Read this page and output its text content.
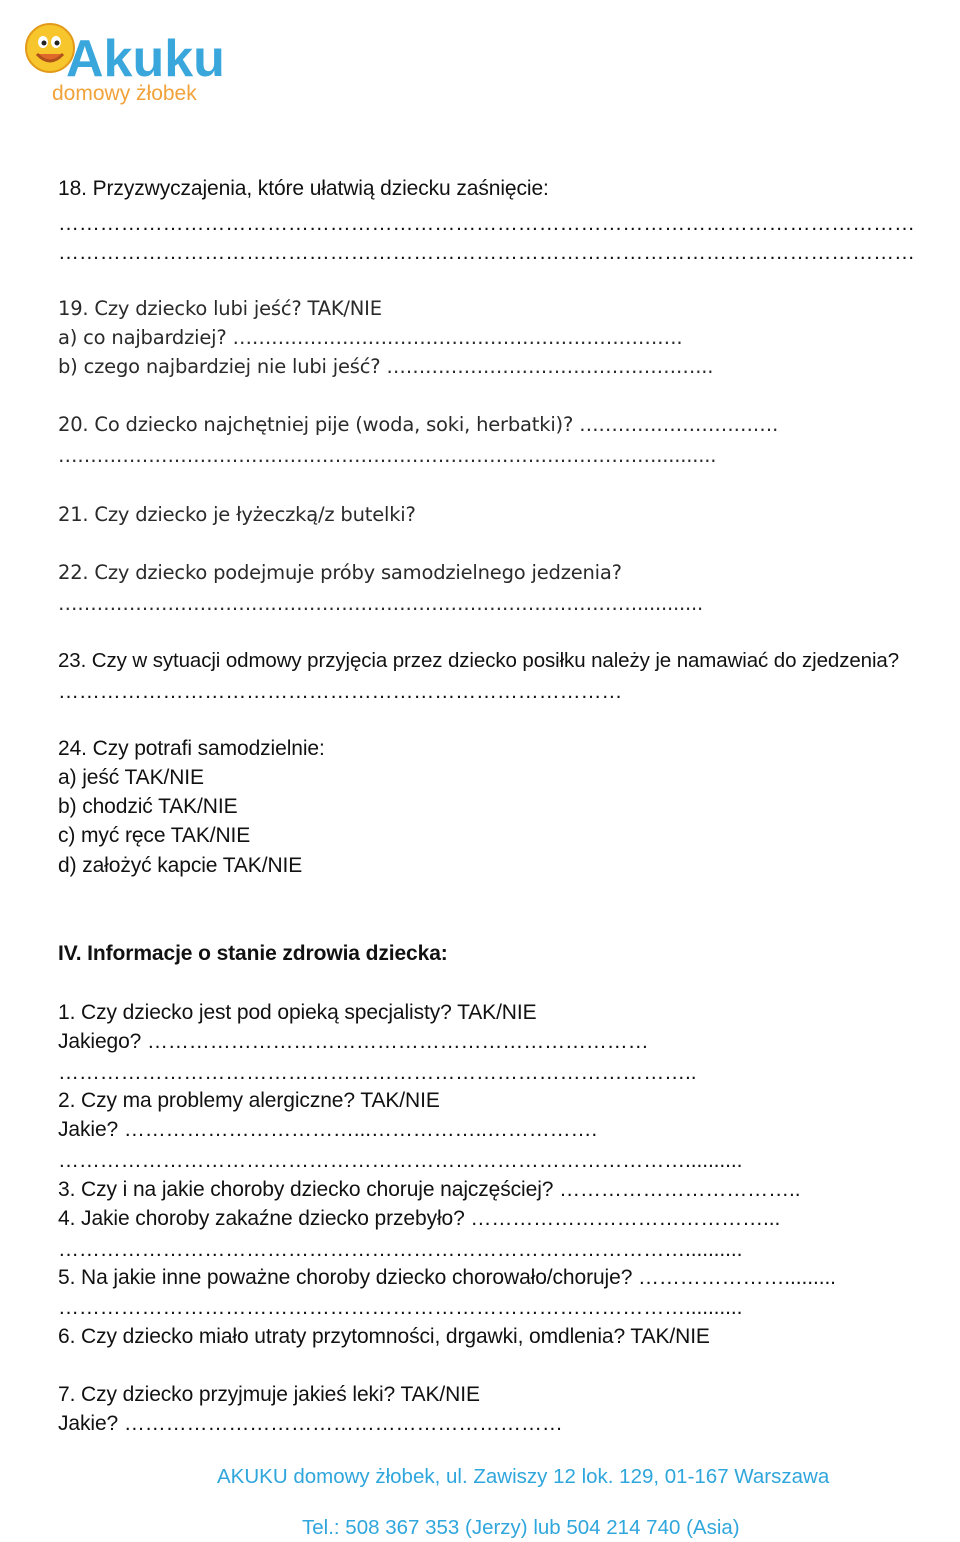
Akuku
domowy żłobek
18. Przyzwyczajenia, które ułatwią dziecku zaśnięcie:
……………………………………………………………………………………………………………
……………………………………………………………………………………………………………
19. Czy dziecko lubi jeść? TAK/NIE
a) co najbardziej? …………………………………………………………….
b) czego najbardziej nie lubi jeść? …………………………………………...
20. Co dziecko najchętniej pije (woda, soki, herbatki)? ………………………….
…………………………………………………………………………………..........
21. Czy dziecko je łyżeczką/z butelki?
22. Czy dziecko podejmuje próby samodzielnego jedzenia?
………………………………………………………………………………...........
23. Czy w sytuacji odmowy przyjęcia przez dziecko posiłku należy je namawiać do zjedzenia?
………………………………………………………………………
24. Czy potrafi samodzielnie:
a) jeść TAK/NIE
b) chodzić TAK/NIE
c) myć ręce TAK/NIE
d) założyć kapcie TAK/NIE
IV. Informacje o stanie zdrowia dziecka:
1. Czy dziecko jest pod opieką specjalisty? TAK/NIE
Jakiego? ………………………………………………………………
………………………………………………………………………………..
2. Czy ma problemy alergiczne? TAK/NIE
Jakie? ……………………………...……………..…………….
………………………………………………………………………………..........
3. Czy i na jakie choroby dziecko choruje najczęściej? ……………………………..
4. Jakie choroby zakaźne dziecko przebyło? ……………………………………...
………………………………………………………………………………..........
5. Na jakie inne poważne choroby dziecko chorowało/choruje? ………………….........
………………………………………………………………………………..........
6. Czy dziecko miało utraty przytomności, drgawki, omdlenia? TAK/NIE
7. Czy dziecko przyjmuje jakieś leki? TAK/NIE
Jakie? ………………………………………………………
AKUKU domowy żłobek, ul. Zawiszy 12 lok. 129, 01-167 Warszawa
Tel.: 508 367 353 (Jerzy) lub 504 214 740 (Asia)
